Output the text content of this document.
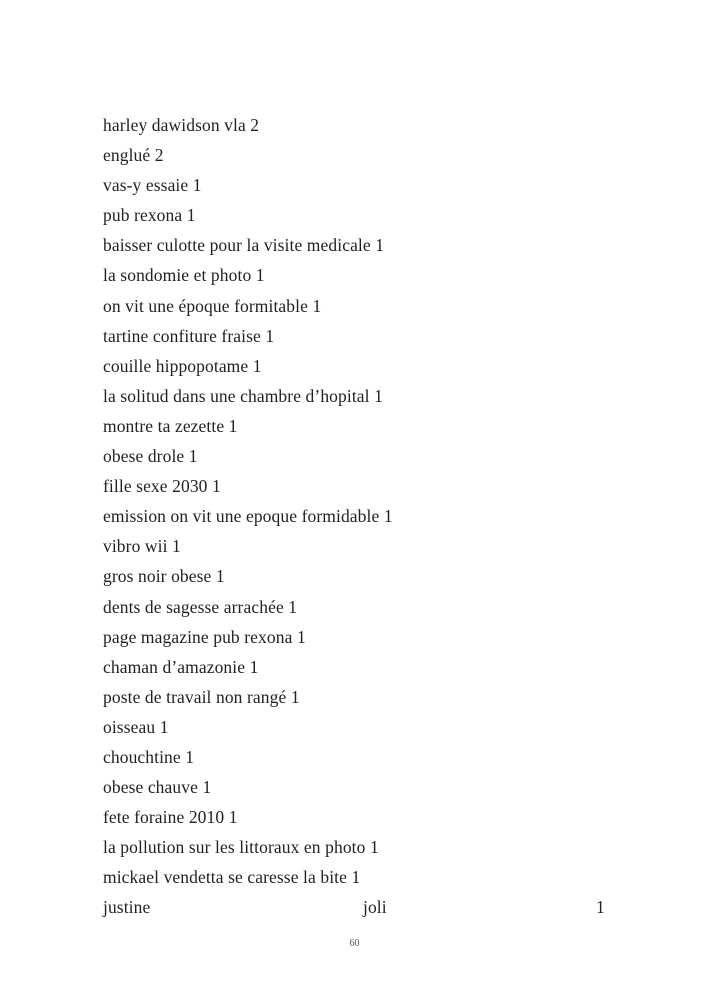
harley dawidson vla 2
englué 2
vas-y essaie 1
pub rexona 1
baisser culotte pour la visite medicale 1
la sondomie et photo 1
on vit une époque formitable 1
tartine confiture fraise 1
couille hippopotame 1
la solitud dans une chambre d’hopital 1
montre ta zezette 1
obese drole 1
fille sexe 2030 1
emission on vit une epoque formidable 1
vibro wii 1
gros noir obese 1
dents de sagesse arrachée 1
page magazine pub rexona 1
chaman d’amazonie 1
poste de travail non rangé 1
oisseau 1
chouchtine 1
obese chauve 1
fete foraine 2010 1
la pollution sur les littoraux en photo 1
mickael vendetta se caresse la bite 1
justine	joli	1
60
